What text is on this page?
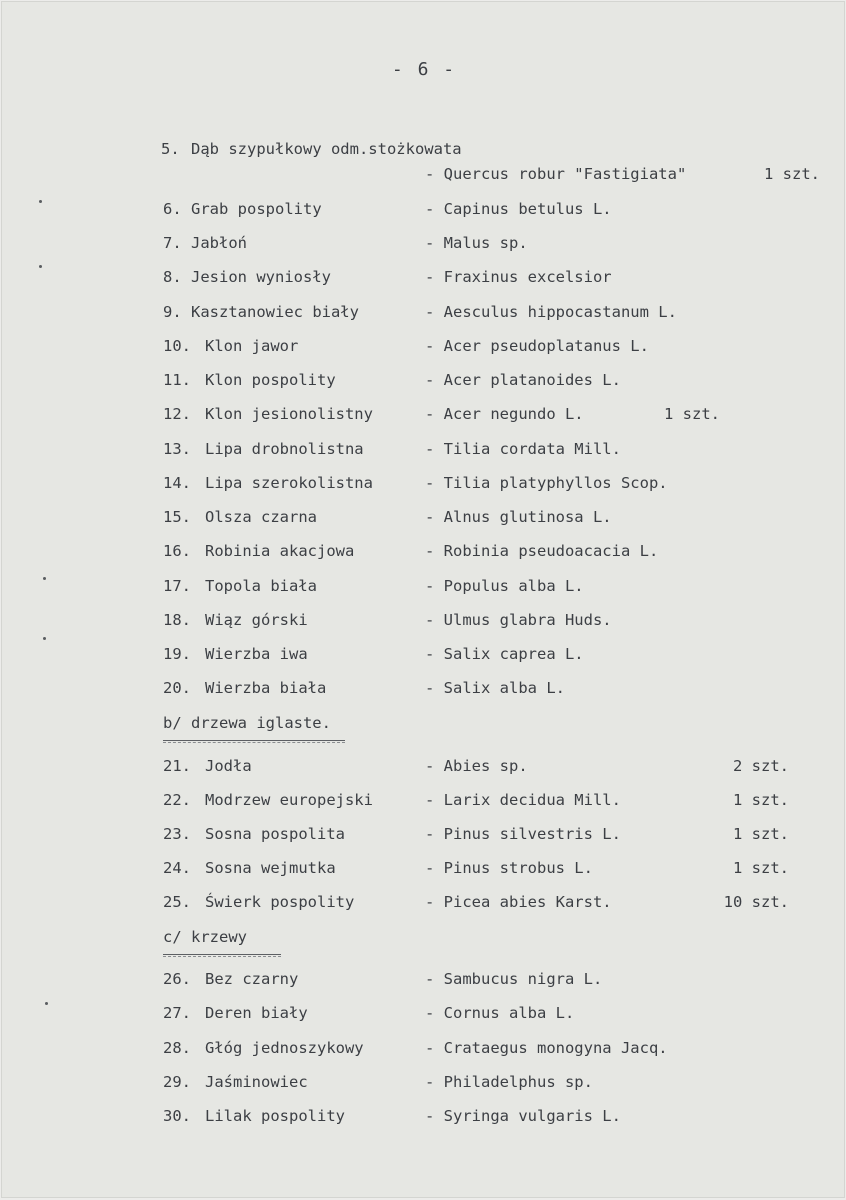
- 6 -
5. Dąb szypułkowy odm.stożkowata
- Quercus robur "Fastigiata"	1 szt.
6. Grab pospolity	- Capinus betulus L.
7. Jabłoń	- Malus sp.
8. Jesion wyniosły	- Fraxinus excelsior
9. Kasztanowiec biały	- Aesculus hippocastanum L.
10. Klon jawor	- Acer pseudoplatanus L.
11. Klon pospolity	- Acer platanoides L.
12. Klon jesionolistny	- Acer negundo L.	1 szt.
13. Lipa drobnolistna	- Tilia cordata Mill.
14. Lipa szerokolistna	- Tilia platyphyllos Scop.
15. Olsza czarna	- Alnus glutinosa L.
16. Robinia akacjowa	- Robinia pseudoacacia L.
17. Topola biała	- Populus alba L.
18. Wiąz górski	- Ulmus glabra Huds.
19. Wierzba iwa	- Salix caprea L.
20. Wierzba biała	- Salix alba L.
b/ drzewa iglaste.
21. Jodła	- Abies sp.	2 szt.
22. Modrzew europejski	- Larix decidua Mill.	1 szt.
23. Sosna pospolita	- Pinus silvestris L.	1 szt.
24. Sosna wejmutka	- Pinus strobus L.	1 szt.
25. Świerk pospolity	- Picea abies Karst.	10 szt.
c/ krzewy
26. Bez czarny	- Sambucus nigra L.
27. Deren biały	- Cornus alba L.
28. Głóg jednoszykowy	- Crataegus monogyna Jacq.
29. Jaśminowiec	- Philadelphus sp.
30. Lilak pospolity	- Syringa vulgaris L.
